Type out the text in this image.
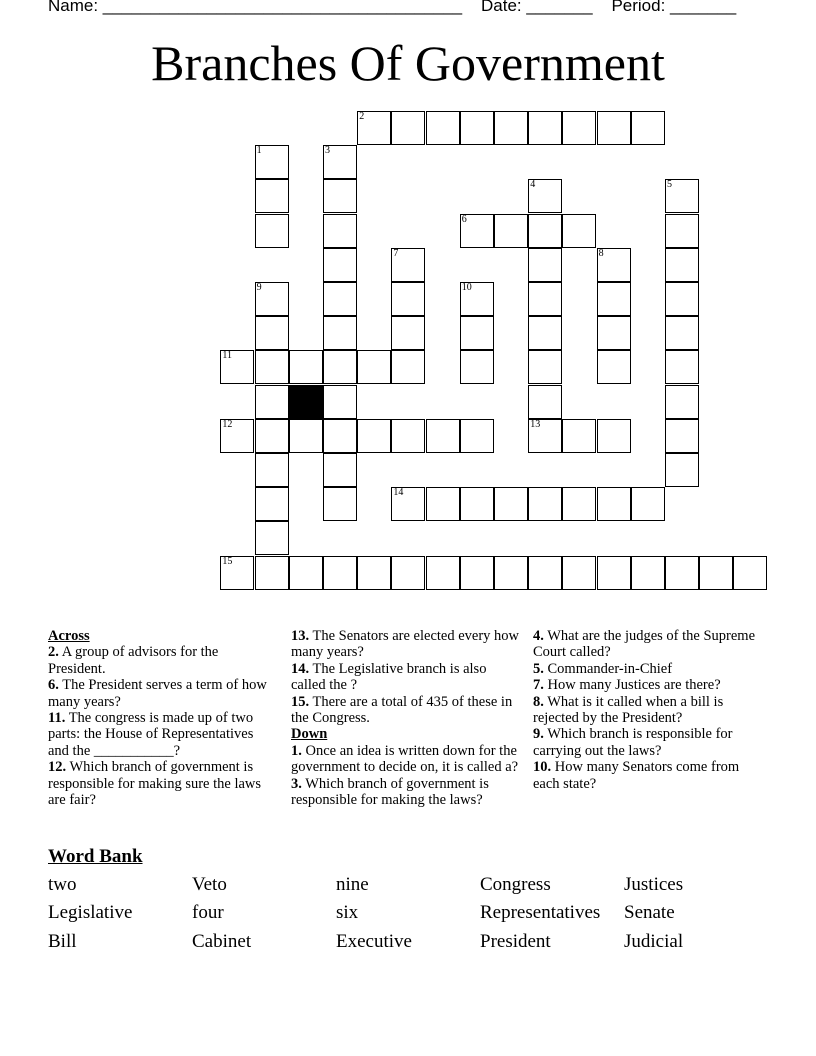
Name: ______________________________________ Date: _______ Period: _______
Branches Of Government
1
2
3
4	5
6
7	8
9	10
11
12	13
14
15
Across
2. A group of advisors for the President.
6. The President serves a term of how many years?
11. The congress is made up of two parts: the House of Representatives and the ___________?
12. Which branch of government is responsible for making sure the laws are fair?
13. The Senators are elected every how many years?
14. The Legislative branch is also called the ?
15. There are a total of 435 of these in the Congress.
Down
1. Once an idea is written down for the government to decide on, it is called a?
3. Which branch of government is responsible for making the laws?
4. What are the judges of the Supreme Court called?
5. Commander-in-Chief
7. How many Justices are there?
8. What is it called when a bill is rejected by the President?
9. Which branch is responsible for carrying out the laws?
10. How many Senators come from each state?
Word Bank
two	Veto	nine	Congress	Justices
Legislative	four	six	Representatives Senate
Bill	Cabinet	Executive	President	Judicial
